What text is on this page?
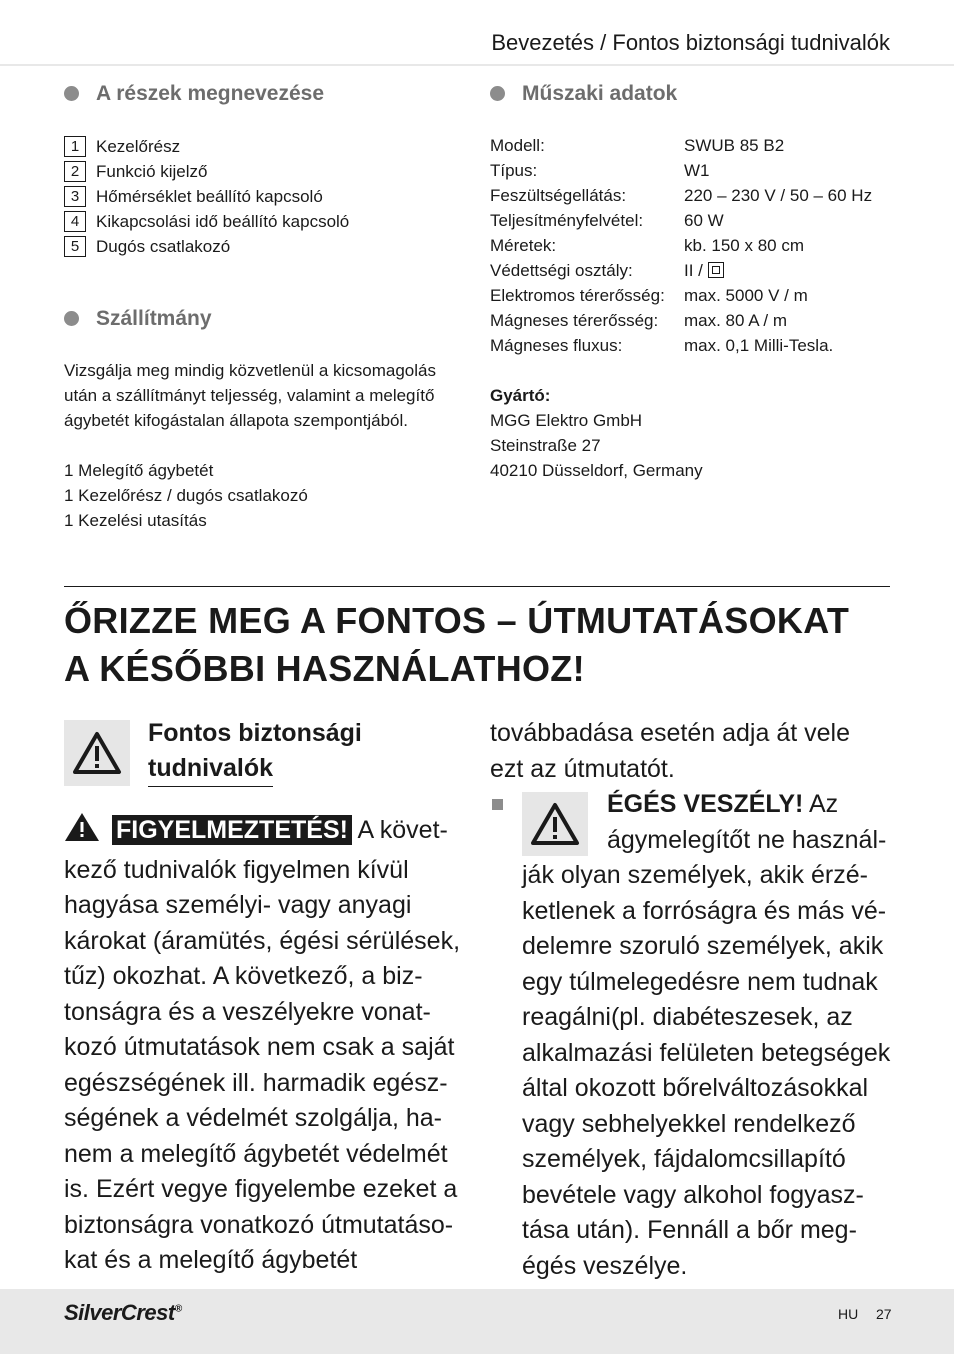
Bevezetés / Fontos biztonsági tudnivalók
A részek megnevezése
1 Kezelőrész
2 Funkció kijelző
3 Hőmérséklet beállító kapcsoló
4 Kikapcsolási idő beállító kapcsoló
5 Dugós csatlakozó
Szállítmány
Vizsgálja meg mindig közvetlenül a kicsomagolás
után a szállítmányt teljesség, valamint a melegítő
ágybetét kifogástalan állapota szempontjából.
1 Melegítő ágybetét
1 Kezelőrész / dugós csatlakozó
1 Kezelési utasítás
Műszaki adatok
Modell:	SWUB 85 B2
Típus:	W1
Feszültségellátás:	220 – 230 V / 50 – 60 Hz
Teljesítményfelvétel:	60 W
Méretek:	kb. 150 x 80 cm
Védettségi osztály:	II /

Elektromos térerősség:	max. 5000 V / m
Mágneses térerősség:	max. 80 A / m
Mágneses fluxus:	max. 0,1 Milli-Tesla.
Gyártó:
MGG Elektro GmbH
Steinstraße 27
40210 Düsseldorf, Germany
ŐRIZZE MEG A FONTOS – ÚTMUTATÁSOKAT
A KÉSŐBBI HASZNÁLATHOZ!
Fontos biztonsági
tudnivalók
FIGYELMEZTETÉS! A követ-
kező tudnivalók figyelmen kívül
hagyása személyi- vagy anyagi
károkat (áramütés, égési sérülések,
tűz) okozhat. A következő, a biz-
tonságra és a veszélyekre vonat-
kozó útmutatások nem csak a saját
egészségének ill. harmadik egész-
ségének a védelmét szolgálja, ha-
nem a melegítő ágybetét védelmét
is. Ezért vegye figyelembe ezeket a
biztonságra vonatkozó útmutatáso-
kat és a melegítő ágybetét
továbbadása esetén adja át vele
ezt az útmutatót.
ÉGÉS VESZÉLY! Az
ágymelegítőt ne használ-
ják olyan személyek, akik érzé-
ketlenek a forróságra és más vé-
delemre szoruló személyek, akik
egy túlmelegedésre nem tudnak
reagálni(pl. diabéteszesek, az
alkalmazási felületen betegségek
által okozott bőrelváltozásokkal
vagy sebhelyekkel rendelkező
személyek, fájdalomcsillapító
bevétele vagy alkohol fogyasz-
tása után). Fennáll a bőr meg-
égés veszélye.
SilverCrest®	HU 27
